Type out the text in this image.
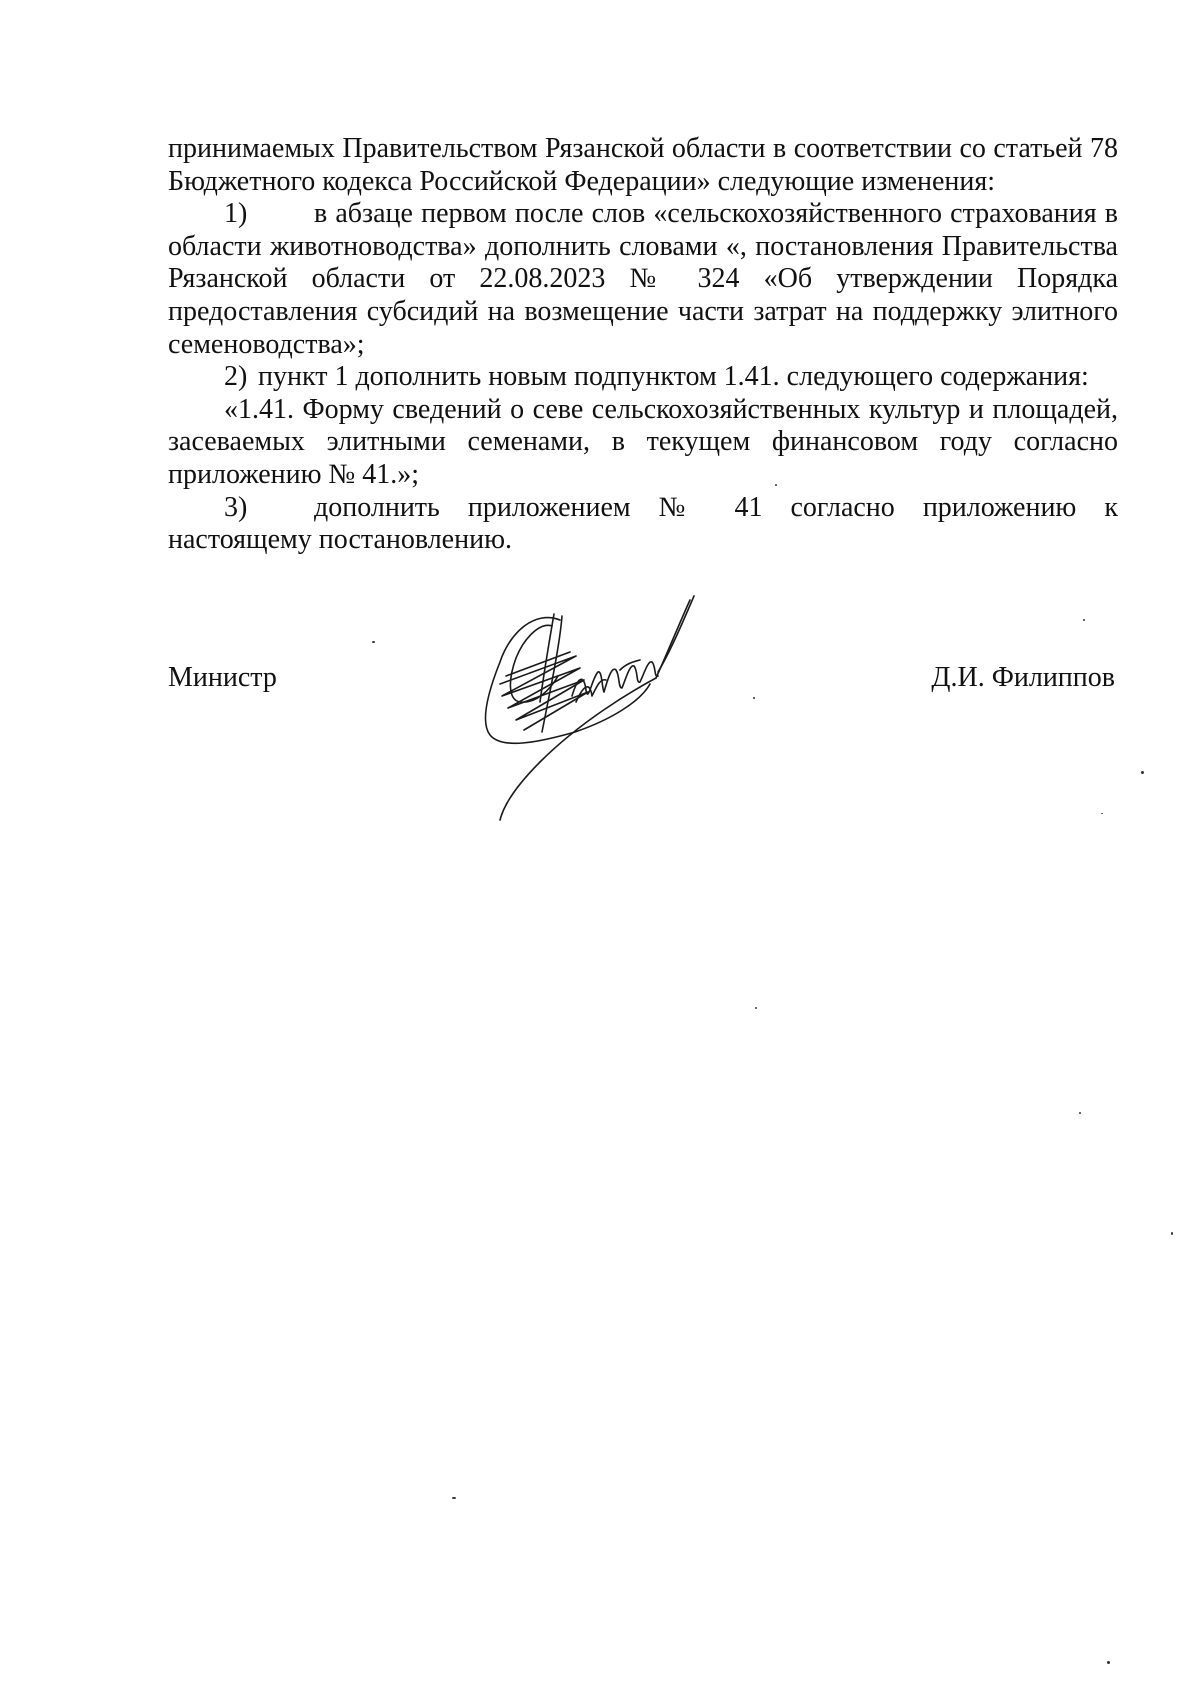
принимаемых Правительством Рязанской области в соответствии со статьей 78 Бюджетного кодекса Российской Федерации» следующие изменения:

1) в абзаце первом после слов «сельскохозяйственного страхования в области животноводства» дополнить словами «, постановления Правительства Рязанской области от 22.08.2023 № 324 «Об утверждении Порядка предоставления субсидий на возмещение части затрат на поддержку элитного семеноводства»;

2) пункт 1 дополнить новым подпунктом 1.41. следующего содержания:

«1.41. Форму сведений о севе сельскохозяйственных культур и площадей, засеваемых элитными семенами, в текущем финансовом году согласно приложению № 41.»;

3) дополнить приложением № 41 согласно приложению к настоящему постановлению.

Министр	Д.И. Филиппов
